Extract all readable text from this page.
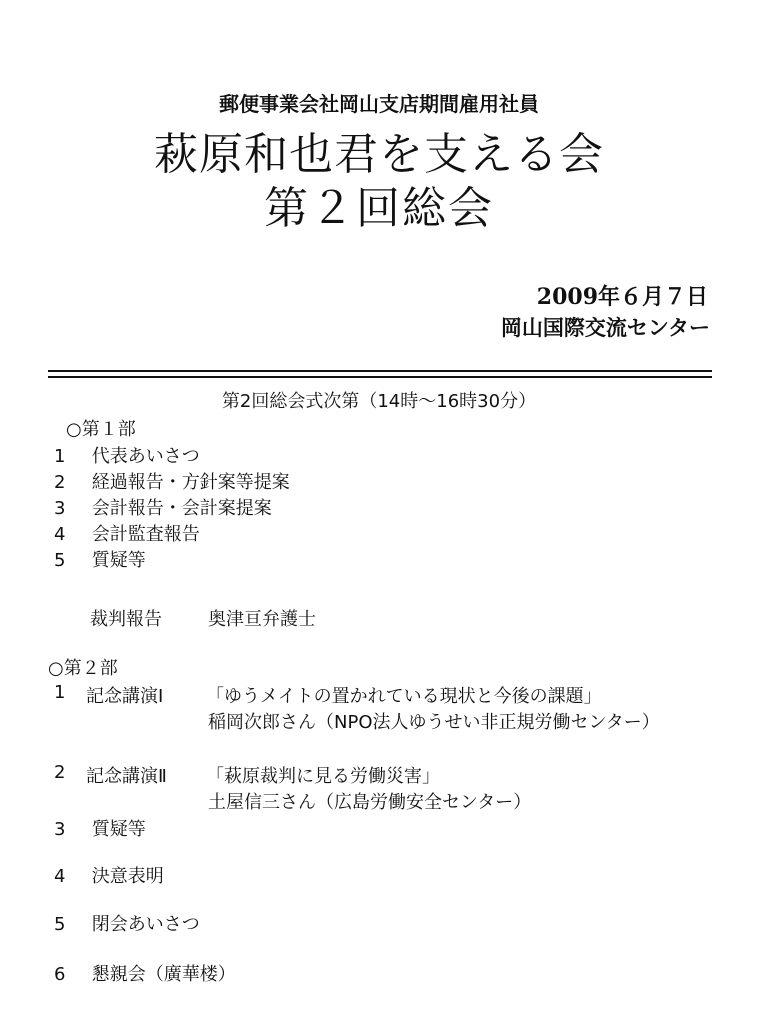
郵便事業会社岡山支店期間雇用社員
萩原和也君を支える会
第２回総会
2009年６月７日
岡山国際交流センター
第2回総会式次第（14時～16時30分）
○第１部
1 代表あいさつ
2 経過報告・方針案等提案
3 会計報告・会計案提案
4 会計監査報告
5 質疑等
裁判報告	奥津亘弁護士
○第２部
1 記念講演Ⅰ 「ゆうメイトの置かれている現状と今後の課題」
稲岡次郎さん（NPO法人ゆうせい非正規労働センター）
2 記念講演Ⅱ 「萩原裁判に見る労働災害」
土屋信三さん（広島労働安全センター）
3 質疑等
4 決意表明
5 閉会あいさつ
6 懇親会（廣華楼）
